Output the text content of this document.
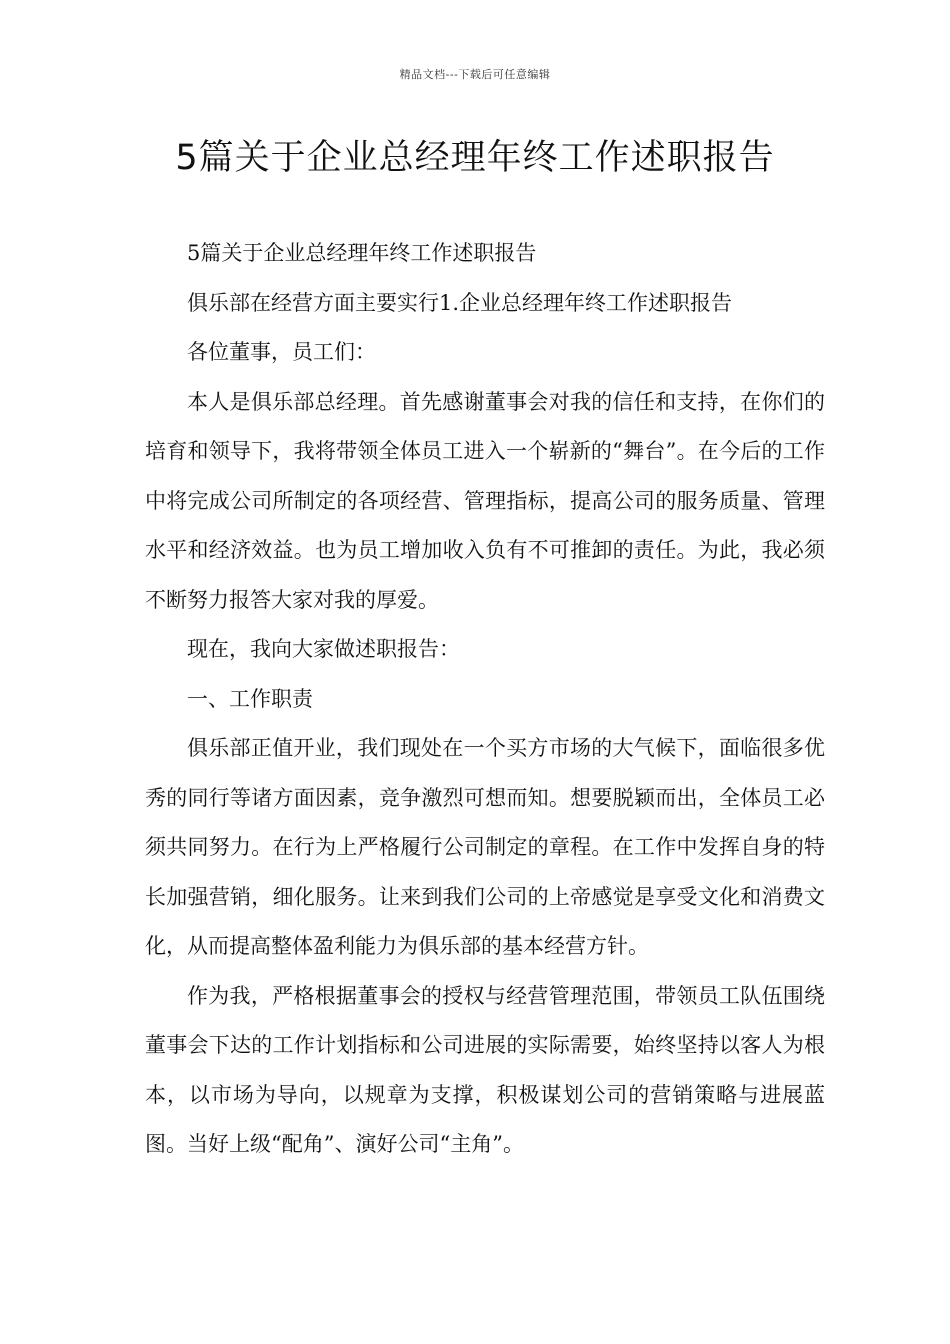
精品文档---下载后可任意编辑
5篇关于企业总经理年终工作述职报告

5篇关于企业总经理年终工作述职报告

俱乐部在经营方面主要实行1.企业总经理年终工作述职报告

各位董事，员工们：

本人是俱乐部总经理。首先感谢董事会对我的信任和支持，在你们的培育和领导下，我将带领全体员工进入一个崭新的“舞台”。在今后的工作中将完成公司所制定的各项经营、管理指标，提高公司的服务质量、管理水平和经济效益。也为员工增加收入负有不可推卸的责任。为此，我必须不断努力报答大家对我的厚爱。

现在，我向大家做述职报告：

一、工作职责

俱乐部正值开业，我们现处在一个买方市场的大气候下，面临很多优秀的同行等诸方面因素，竞争激烈可想而知。想要脱颖而出，全体员工必须共同努力。在行为上严格履行公司制定的章程。在工作中发挥自身的特长加强营销，细化服务。让来到我们公司的上帝感觉是享受文化和消费文化，从而提高整体盈利能力为俱乐部的基本经营方针。

作为我，严格根据董事会的授权与经营管理范围，带领员工队伍围绕董事会下达的工作计划指标和公司进展的实际需要，始终坚持以客人为根本，以市场为导向，以规章为支撑，积极谋划公司的营销策略与进展蓝图。当好上级“配角”、演好公司“主角”。
